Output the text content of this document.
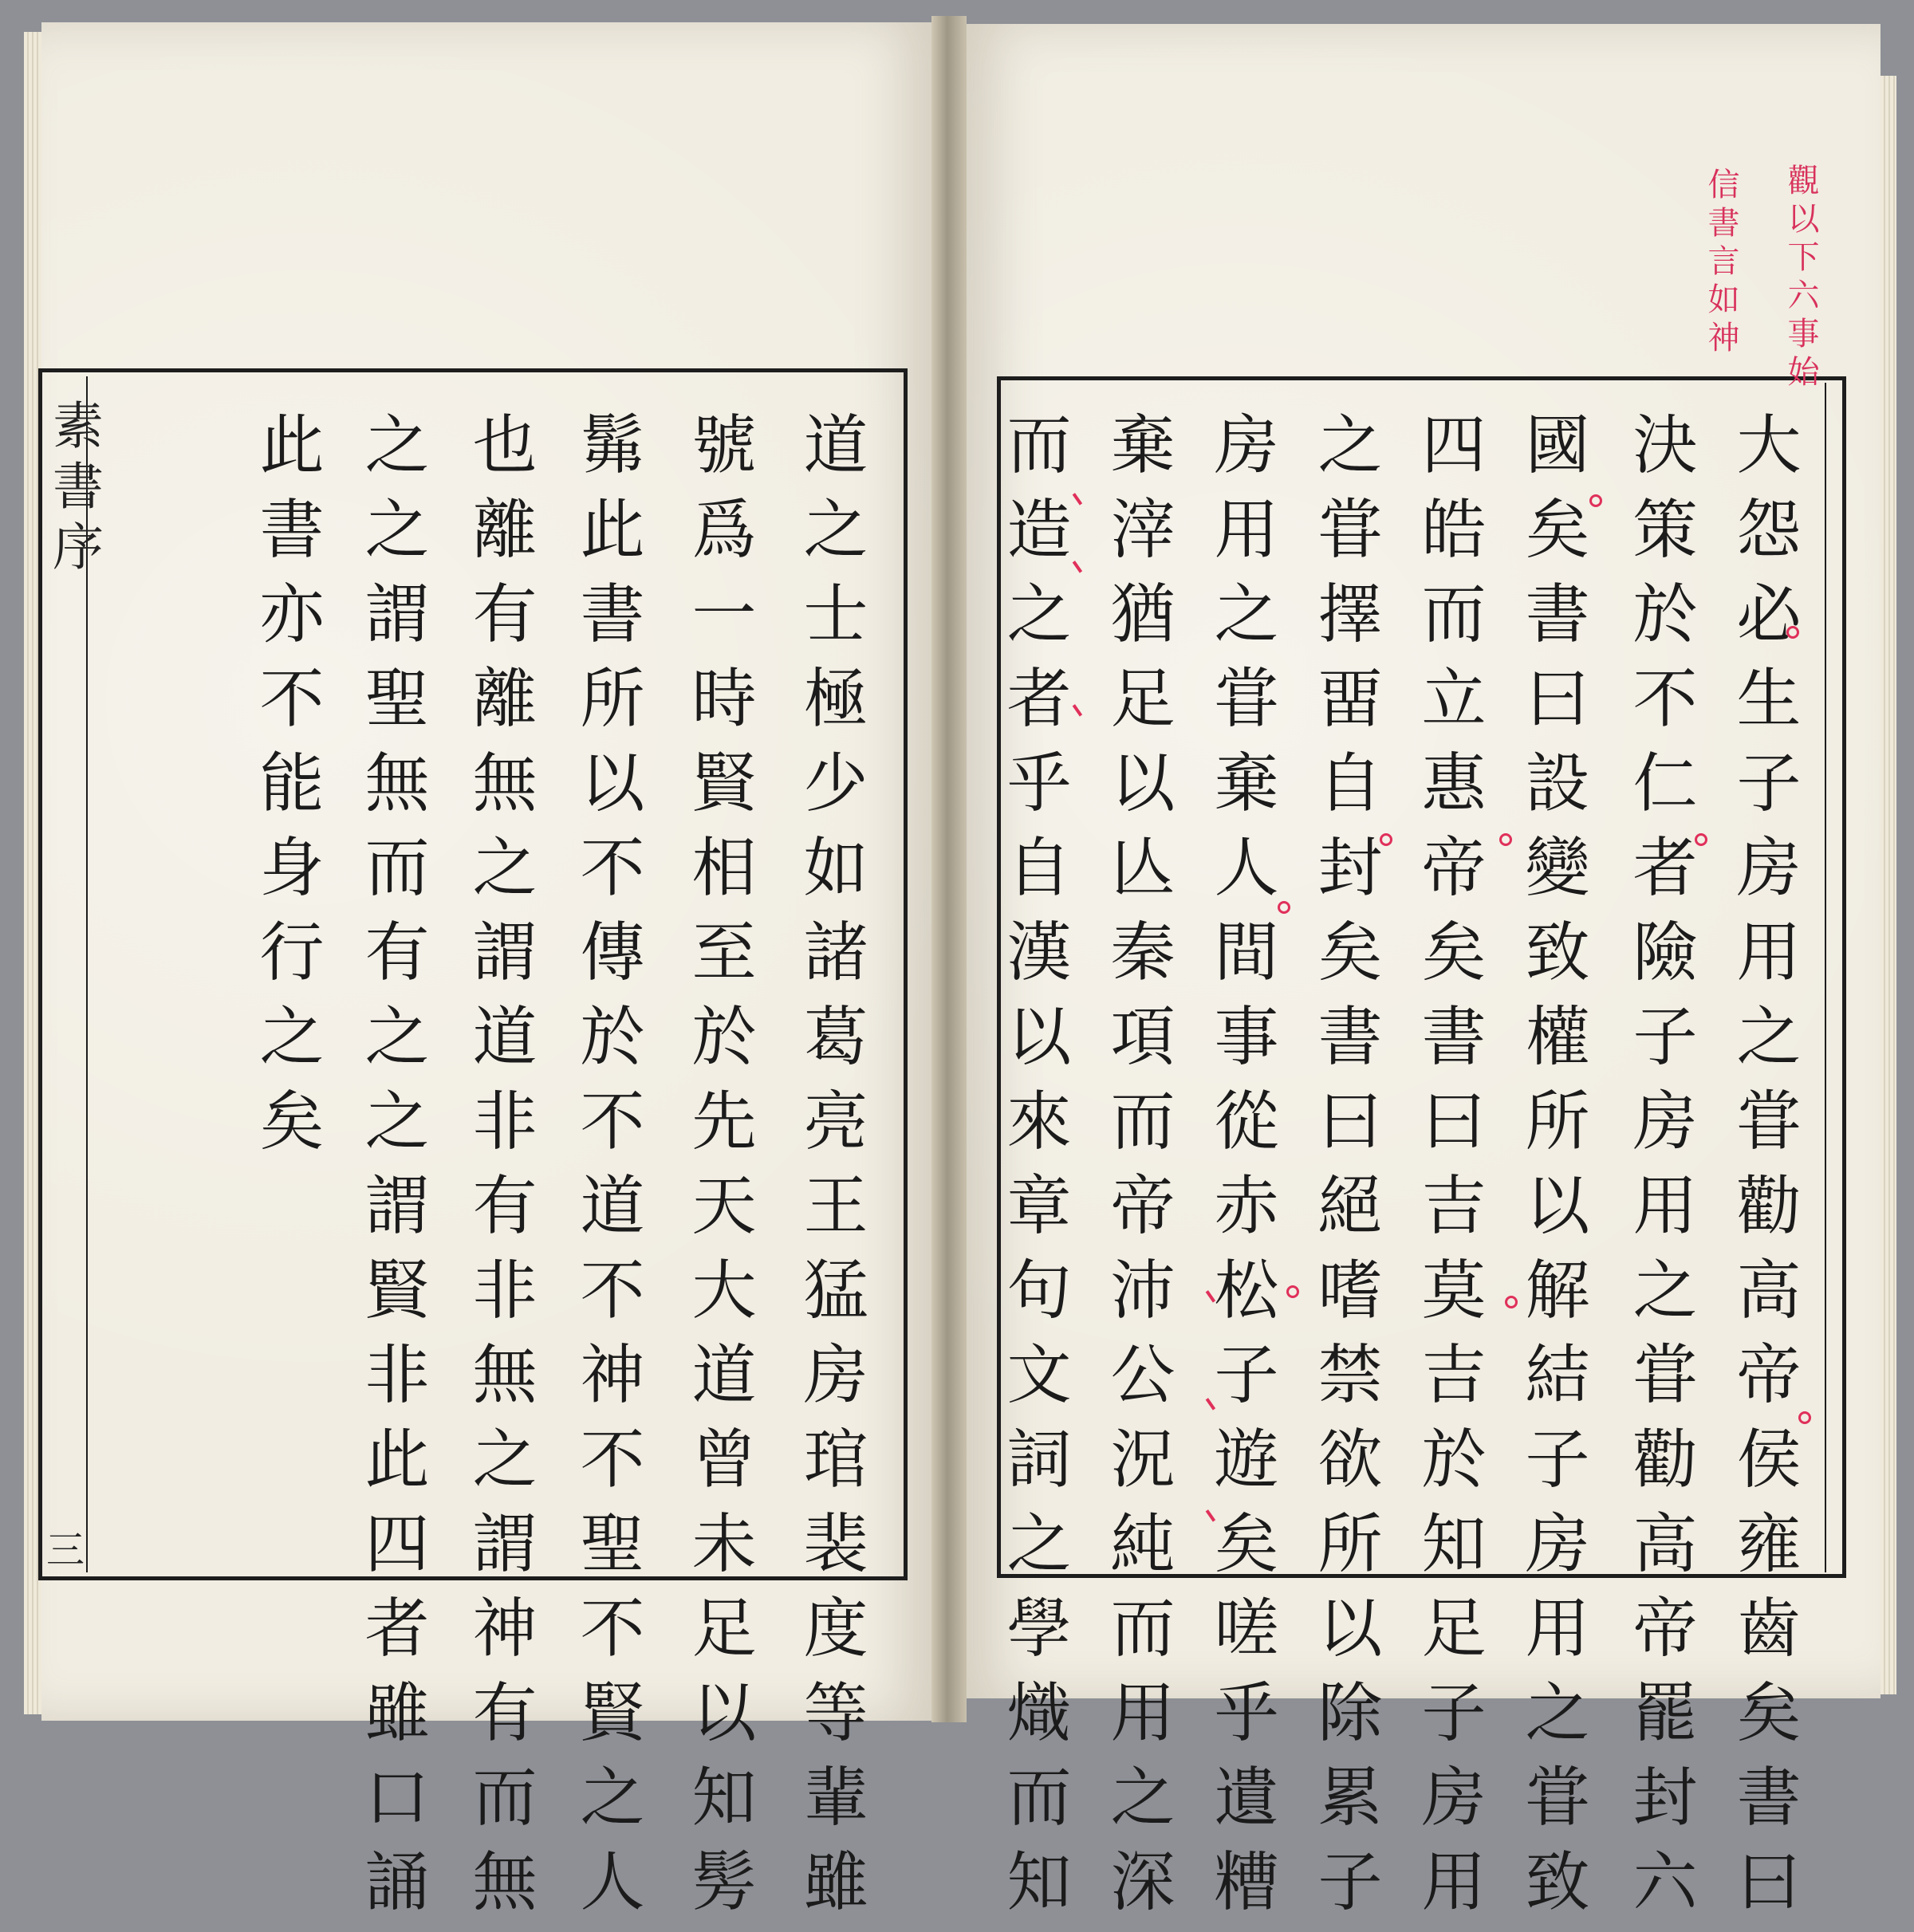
素書序
三	道之士極少如諸葛亮王猛房琯裴度等輩雖
號爲一時賢相至於先天大道曾未足以知髣
髴此書所以不傳於不道不神不聖不賢之人
也離有離無之謂道非有非無之謂神有而無
之之謂聖無而有之之謂賢非此四者雖口誦
此書亦不能身行之矣
觀以下六事始
信書言如神
大怨必生子房用之甞勸高帝侯雍齒矣書曰
決策於不仁者險子房用之甞勸高帝罷封六
國矣書曰設變致權所以解結子房用之甞致
四皓而立惠帝矣書曰吉莫吉於知足子房用
之甞擇畱自封矣書曰絕嗜禁欲所以除累子
房用之甞棄人間事從赤松子遊矣嗟乎遺糟
棄滓猶足以亾秦項而帝沛公況純而用之深
而造之者乎自漢以來章句文詞之學熾而知
